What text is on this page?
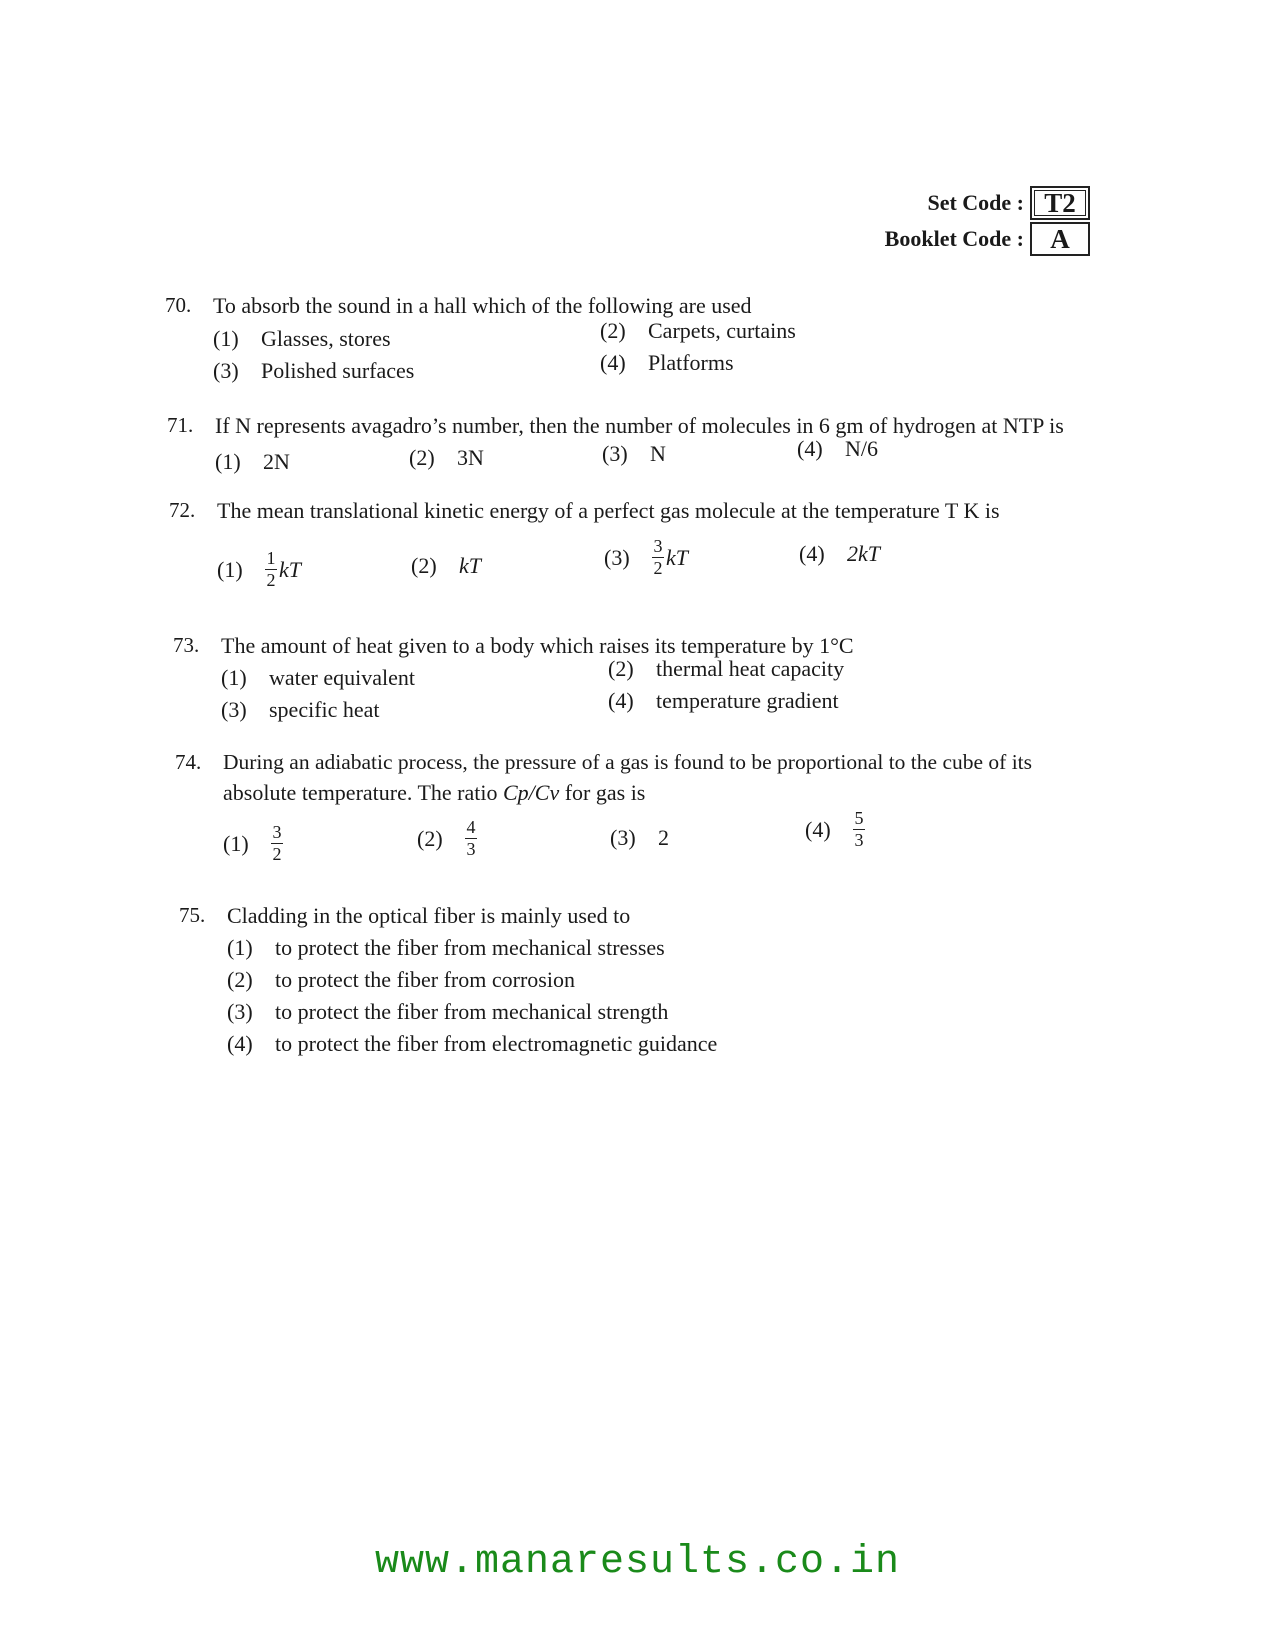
Set Code : T2
Booklet Code : A
70. To absorb the sound in a hall which of the following are used
(1)	Glasses, stores	(2)	Carpets, curtains
(3)	Polished surfaces	(4)	Platforms
71. If N represents avagadro’s number, then the number of molecules in 6 gm of hydrogen at NTP is
(1)	2N	(2)	3N	(3)	N	(4)	N/6
72. The mean translational kinetic energy of a perfect gas molecule at the temperature T K is
(1)	$\frac{1}{2}$ kT	(2)	kT	(3)	$\frac{3}{2}$ kT	(4)	2kT
73. The amount of heat given to a body which raises its temperature by 1°C
(1)	water equivalent	(2)	thermal heat capacity
(3)	specific heat	(4)	temperature gradient
74. During an adiabatic process, the pressure of a gas is found to be proportional to the cube of its
absolute temperature. The ratio Cp/Cv for gas is
(1)	$\frac{3}{2}$	(2)	$\frac{4}{3}$	(3)	2	(4)	$\frac{5}{3}$
75. Cladding in the optical fiber is mainly used to
(1)	to protect the fiber from mechanical stresses
(2)	to protect the fiber from corrosion
(3)	to protect the fiber from mechanical strength
(4)	to protect the fiber from electromagnetic guidance
www.manaresults.co.in
